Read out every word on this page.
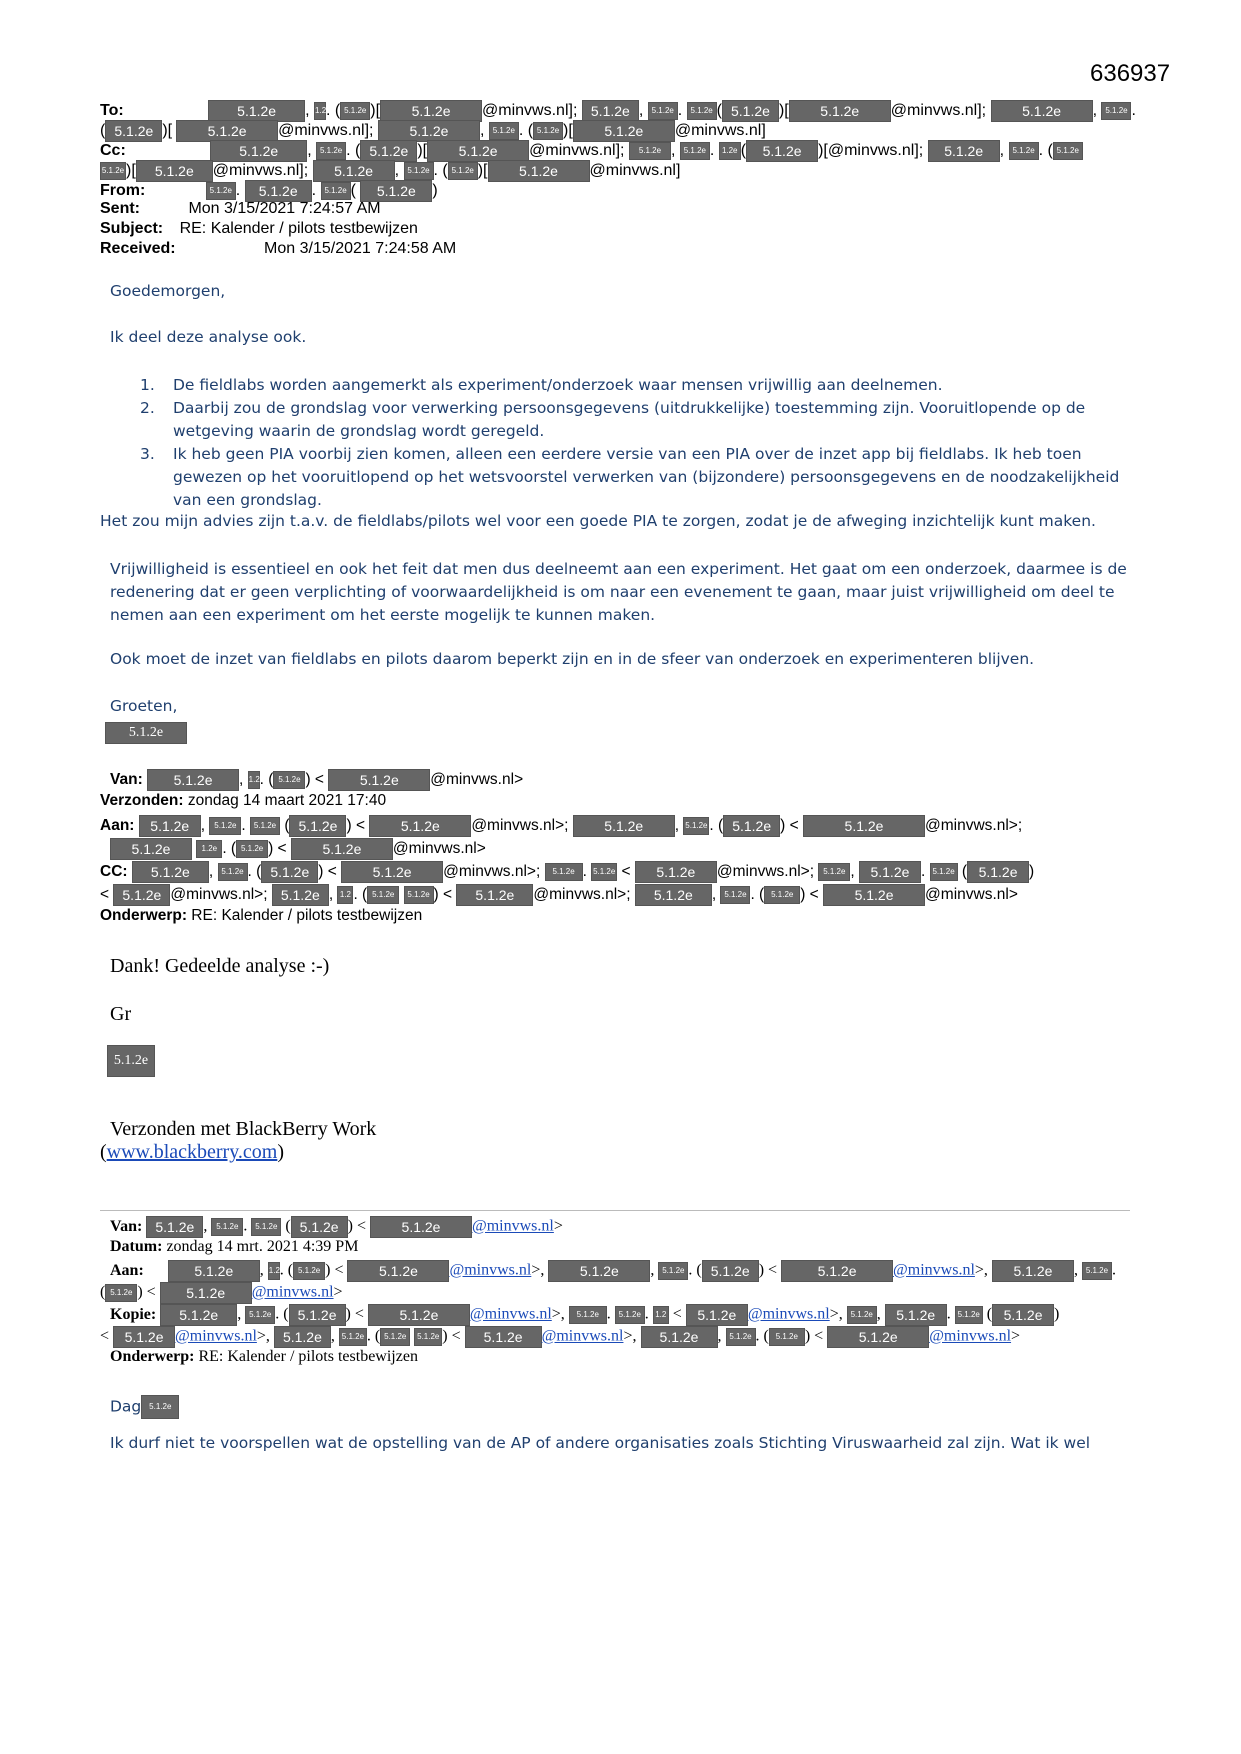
636937
To:	5.1.2e , 1.2. ( 5.1.2e )[ 5.1.2e @minvws.nl]; 5.1.2e , 5.1.2e . 5.1.2e ( 5.1.2e )[ 5.1.2e @minvws.nl]; 5.1.2e , 5.1.2e .
( 5.1.2e )[	5.1.2e @minvws.nl]; 5.1.2e , 5.1.2e . ( 5.1.2e )[ 5.1.2e @minvws.nl]
Cc:	5.1.2e , 5.1.2e . ( 5.1.2e )[ 5.1.2e @minvws.nl]; 5.1.2e , 5.1.2e . 1.2e ( 5.1.2e )[@minvws.nl]; 5.1.2e , 5.1.2e . ( 5.1.2e
5.1.2e )[ 5.1.2e @minvws.nl]; 5.1.2e , 5.1.2e . ( 5.1.2e )[ 5.1.2e @minvws.nl]
From:	5.1.2e . 5.1.2e . 5.1.2e ( 5.1.2e )
Sent:	Mon 3/15/2021 7:24:57 AM
Subject: RE: Kalender / pilots testbewijzen
Received:	Mon 3/15/2021 7:24:58 AM
Goedemorgen,
Ik deel deze analyse ook.
1.	De fieldlabs worden aangemerkt als experiment/onderzoek waar mensen vrijwillig aan deelnemen.
2.	Daarbij zou de grondslag voor verwerking persoonsgegevens (uitdrukkelijke) toestemming zijn. Vooruitlopende op de wetgeving waarin de grondslag wordt geregeld.
3.	Ik heb geen PIA voorbij zien komen, alleen een eerdere versie van een PIA over de inzet app bij fieldlabs. Ik heb toen gewezen op het vooruitlopend op het wetsvoorstel verwerken van (bijzondere) persoonsgegevens en de noodzakelijkheid van een grondslag.
Het zou mijn advies zijn t.a.v. de fieldlabs/pilots wel voor een goede PIA te zorgen, zodat je de afweging inzichtelijk kunt maken.
Vrijwilligheid is essentieel en ook het feit dat men dus deelneemt aan een experiment. Het gaat om een onderzoek, daarmee is de redenering dat er geen verplichting of voorwaardelijkheid is om naar een evenement te gaan, maar juist vrijwilligheid om deel te nemen aan een experiment om het eerste mogelijk te kunnen maken.
Ook moet de inzet van fieldlabs en pilots daarom beperkt zijn en in de sfeer van onderzoek en experimenteren blijven.
Groeten,
5.1.2e
Van: 5.1.2e , 1.2. ( 5.1.2e ) < 5.1.2e @minvws.nl>
Verzonden: zondag 14 maart 2021 17:40
Aan: 5.1.2e , 5.1.2e . 5.1.2e ( 5.1.2e ) < 5.1.2e @minvws.nl>; 5.1.2e , 5.1.2e . ( 5.1.2e ) <	5.1.2e	@minvws.nl>;
5.1.2e	1.2e . ( 5.1.2e ) < 5.1.2e @minvws.nl>
CC: 5.1.2e , 5.1.2e . ( 5.1.2e ) < 5.1.2e @minvws.nl>; 5.1.2e . 5.1.2e < 5.1.2e @minvws.nl>; 5.1.2e , 5.1.2e . 5.1.2e ( 5.1.2e )
< 5.1.2e @minvws.nl>; 5.1.2e , 1.2 . ( 5.1.2e 5.1.2e ) < 5.1.2e @minvws.nl>; 5.1.2e , 5.1.2e . ( 5.1.2e ) < 5.1.2e @minvws.nl>
Onderwerp: RE: Kalender / pilots testbewijzen
Dank! Gedeelde analyse :-)
Gr
5.1.2e
Verzonden met BlackBerry Work
(www.blackberry.com)
Van: 5.1.2e , 5.1.2e . 5.1.2e ( 5.1.2e ) < 5.1.2e @minvws.nl>
Datum: zondag 14 mrt. 2021 4:39 PM
Aan:	5.1.2e , 1.2. ( 5.1.2e ) < 5.1.2e @minvws.nl>, 5.1.2e , 5.1.2e . ( 5.1.2e ) <	5.1.2e @minvws.nl>, 5.1.2e , 5.1.2e .
( 5.1.2e ) < 5.1.2e @minvws.nl>
Kopie: 5.1.2e , 5.1.2e . ( 5.1.2e ) < 5.1.2e @minvws.nl>, 5.1.2e . 5.1.2e . 1.2 < 5.1.2e @minvws.nl>, 5.1.2e , 5.1.2e . 5.1.2e ( 5.1.2e )
< 5.1.2e @minvws.nl>, 5.1.2e , 5.1.2e . ( 5.1.2e 5.1.2e ) < 5.1.2e @minvws.nl>, 5.1.2e , 5.1.2e . ( 5.1.2e ) < 5.1.2e @minvws.nl>
Onderwerp: RE: Kalender / pilots testbewijzen
Dag 5.1.2e
Ik durf niet te voorspellen wat de opstelling van de AP of andere organisaties zoals Stichting Viruswaarheid zal zijn. Wat ik wel
